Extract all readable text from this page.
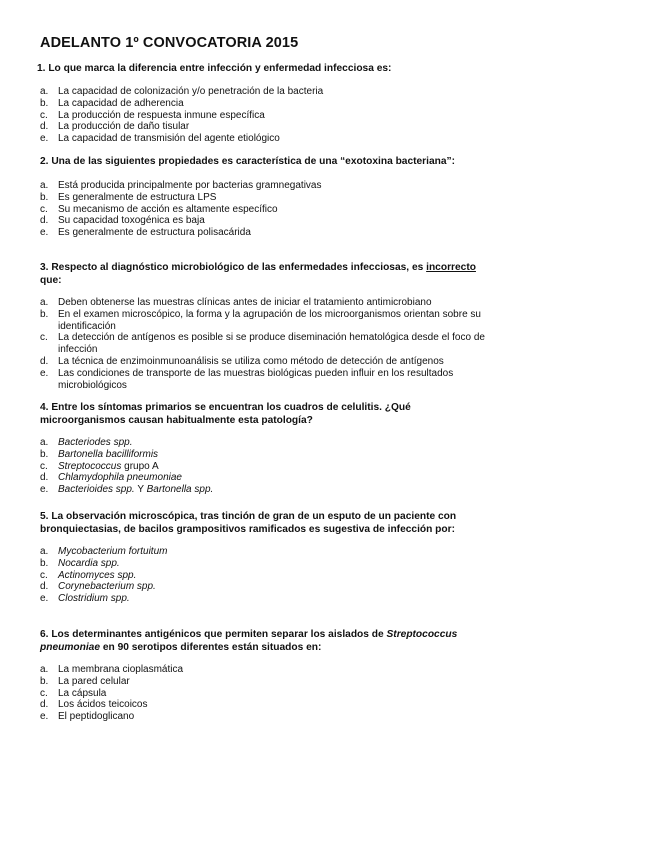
ADELANTO 1º CONVOCATORIA 2015
1. Lo que marca la diferencia entre infección y enfermedad infecciosa es:
a. La capacidad de colonización y/o penetración de la bacteria
b. La capacidad de adherencia
c.	La producción de respuesta inmune específica
d. La producción de daño tisular
e. La capacidad de transmisión del agente etiológico
2. Una de las siguientes propiedades es característica de una “exotoxina bacteriana”:
a. Está producida principalmente por bacterias gramnegativas
b. Es generalmente de estructura LPS
c.	Su mecanismo de acción es altamente específico
d. Su capacidad toxogénica es baja
e. Es generalmente de estructura polisacárida
3. Respecto al diagnóstico microbiológico de las enfermedades infecciosas, es incorrecto que:
a. Deben obtenerse las muestras clínicas antes de iniciar el tratamiento antimicrobiano
b. En el examen microscópico, la forma y la agrupación de los microorganismos orientan sobre su identificación
c.	La detección de antígenos es posible si se produce diseminación hematológica desde el foco de infección
d. La técnica de enzimoinmunoanálisis se utiliza como método de detección de antígenos
e. Las condiciones de transporte de las muestras biológicas pueden influir en los resultados microbiológicos
4. Entre los síntomas primarios se encuentran los cuadros de celulitis. ¿Qué microorganismos causan habitualmente esta patología?
a. Bacteriodes spp.
b. Bartonella bacilliformis
c.	Streptococcus grupo A
d. Chlamydophila pneumoniae
e. Bacterioides spp. Y Bartonella spp.
5. La observación microscópica, tras tinción de gran de un esputo de un paciente con bronquiectasias, de bacilos grampositivos ramificados es sugestiva de infección por:
a. Mycobacterium fortuitum
b. Nocardia spp.
c.	Actinomyces spp.
d. Corynebacterium spp.
e. Clostridium spp.
6. Los determinantes antigénicos que permiten separar los aislados de Streptococcus pneumoniae en 90 serotipos diferentes están situados en:
a. La membrana cioplasmática
b. La pared celular
c.	La cápsula
d. Los ácidos teicoicos
e. El peptidoglicano
